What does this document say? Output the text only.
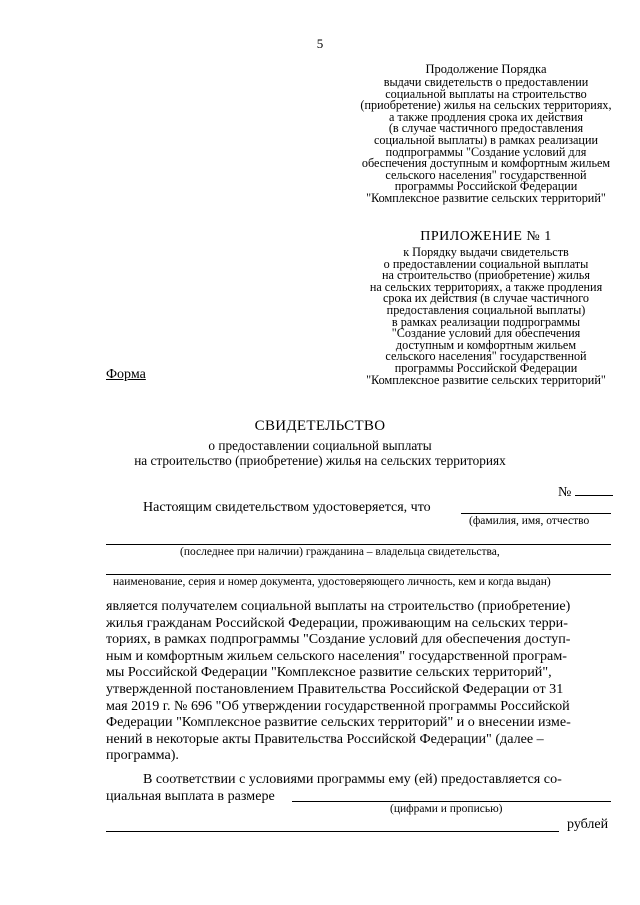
5
Продолжение Порядка
выдачи свидетельств о предоставлении
социальной выплаты на строительство
(приобретение) жилья на сельских территориях,
а также продления срока их действия
(в случае частичного предоставления
социальной выплаты) в рамках реализации
подпрограммы "Создание условий для
обеспечения доступным и комфортным жильем
сельского населения" государственной
программы Российской Федерации
"Комплексное развитие сельских территорий"
ПРИЛОЖЕНИЕ № 1
к Порядку выдачи свидетельств
о предоставлении социальной выплаты
на строительство (приобретение) жилья
на сельских территориях, а также продления
срока их действия (в случае частичного
предоставления социальной выплаты)
в рамках реализации подпрограммы
"Создание условий для обеспечения
доступным и комфортным жильем
сельского населения" государственной
программы Российской Федерации
"Комплексное развитие сельских территорий"
Форма
СВИДЕТЕЛЬСТВО
о предоставлении социальной выплаты
на строительство (приобретение) жилья на сельских территориях
№
Настоящим свидетельством удостоверяется, что
(фамилия, имя, отчество
(последнее при наличии) гражданина – владельца свидетельства,
наименование, серия и номер документа, удостоверяющего личность, кем и когда выдан)
является получателем социальной выплаты на строительство (приобретение)
жилья гражданам Российской Федерации, проживающим на сельских терри-
ториях, в рамках подпрограммы "Создание условий для обеспечения доступ-
ным и комфортным жильем сельского населения" государственной програм-
мы Российской Федерации "Комплексное развитие сельских территорий",
утвержденной постановлением Правительства Российской Федерации от 31
мая 2019 г. № 696 "Об утверждении государственной программы Российской
Федерации "Комплексное развитие сельских территорий" и о внесении изме-
нений в некоторые акты Правительства Российской Федерации" (далее –
программа).
В соответствии с условиями программы ему (ей) предоставляется со-
циальная выплата в размере
(цифрами и прописью)
рублей
